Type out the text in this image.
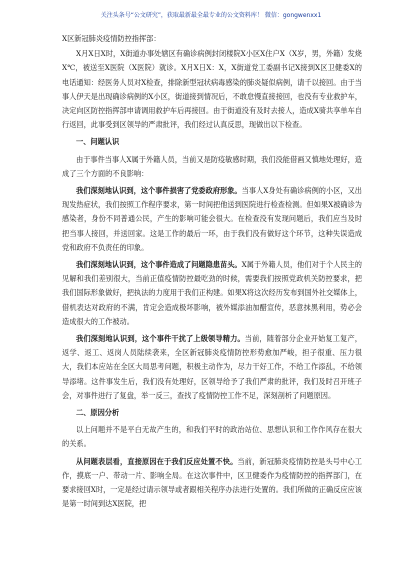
关注头条号“公文研究”，获取最新最全最专业的公文资料库！ 微信：gongwenxx1
X区新冠肺炎疫情防控指挥部：

X月X日X时，X街道办事处辖区有确诊病例封闭楼院X小区X住户X（X岁，男，外籍）发烧X℃，被送至X医院（X医院）就诊。X月X日X：X，X街道党工委副书记X接到X区卫健委X的电话通知：经医务人员对X检查，排除新型冠状病毒感染的肺炎疑似病例，请千以接回。由于当事人伊天是出现确诊病例的X小区，街道接到情况后，不敢怠慢直接接回，也没有专业救护车，决定向区防控指挥部申请调用救护车后再接回。由于街道没有及时去接人，造成X骑共享单车自行返回，此事受到区领导的严肃批评，我们经过认真反思，现做出以下检查。

一、问题认识

由于事件当事人X属于外籍人员，当前又是防疫敏感时期，我们没能借画又慎地处理好，造成了三个方面的不良影响：

我们深刻地认识到，这个事件损害了党委政府形象。当事人X身处有确诊病例的小区，又出现发热症状，我们按照工作程序要求，第一时间把他送到医院进行检查检测。但如果X被确诊为感染者，身份不同普通公民，产生的影响可能会很大。在检查没有发现问题后，我们应当及时把当事人接回，并送回家。这是工作的最后一环，由于我们没有做好这个环节，这种失误造成党和政府不负责任的印象。

我们深刻地认识到，这个事件造成了问题隐患苗头。X属于外籍人员，他们对于个人民主的见解和我们差别很大，当前正值疫情防控最吃劲的时候，需要我们按照党政机关防控要求，把我们国际形象做好，把执法的力度用于我们正构建。如果X将这次经历发布到国外社交媒体上，借机表达对政府的不满，肯定会造成极坏影响，被外媒添油加醋宣传，恶意抹黑利用，势必会造成很大的工作被动。

我们深刻地认识到，这个事件干扰了上级领导精力。当前，随着部分企业开始复工复产，返学、返工、返岗人员陆续袭来，全区新冠肺炎疫情防控形势愈加严峻，担子很重、压力很大，我们本应站在全区大局思考问题，积极主动作为，尽力干好工作，不给工作添乱，不给领导添堵。这件事发生后，我们没有处理好，区领导给予了我们严肃的批评，我们及时召开班子会，对事件进行了复盘，举一反三，查找了疫情防控工作不足，深刻剖析了问题原因。

二、原因分析

以上问题并不是平白无故产生的，和我们平时的政治站位、思想认识和工作作风存在很大的关系。

从问题表层看，直接原因在于我们反应处置不快。当前，新冠肺炎疫情防控是头号中心工作，摸底一户、带动一片、影响全局。在这次事件中，区卫健委作为疫情防控的指挥部门，在要求接回X时，一定是经过请示领导或者跟相关程序办法进行处置的。我们所做的正确反应应该是第一时间到达X医院，把
